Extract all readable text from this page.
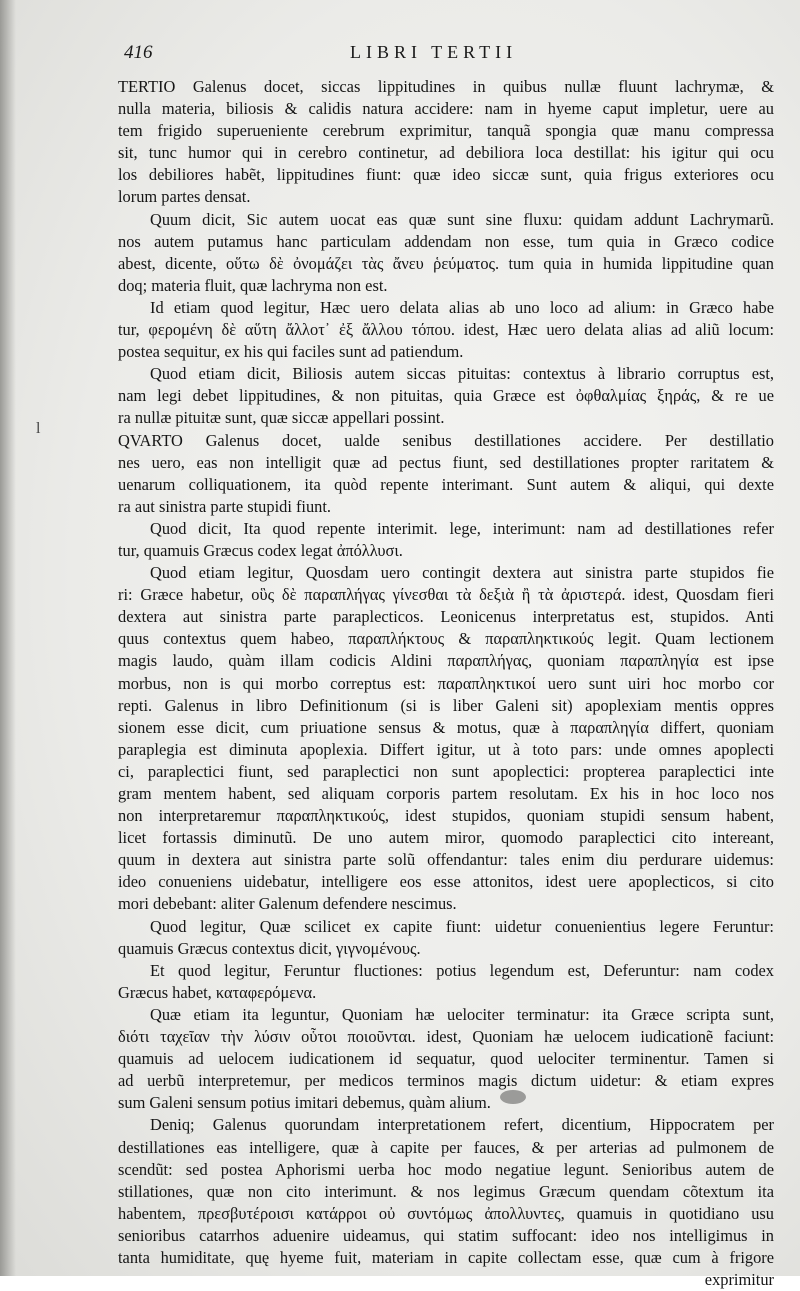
416	LIBRI TERTII
l
TERTIO Galenus docet, siccas lippitudines in quibus nullæ fluunt lachrymæ, &
nulla materia, biliosis & calidis natura accidere: nam in hyeme caput impletur, uere au
tem frigido superueniente cerebrum exprimitur, tanquã spongia quæ manu compressa
sit, tunc humor qui in cerebro continetur, ad debiliora loca destillat: his igitur qui ocu
los debiliores habẽt, lippitudines fiunt: quæ ideo siccæ sunt, quia frigus exteriores ocu
lorum partes densat.
Quum dicit, Sic autem uocat eas quæ sunt sine fluxu: quidam addunt Lachrymarũ.
nos autem putamus hanc particulam addendam non esse, tum quia in Græco codice
abest, dicente, οὕτω δὲ ὀνομάζει τὰς ἄνευ ῥεύματος. tum quia in humida lippitudine quan
doq; materia fluit, quæ lachryma non est.
Id etiam quod legitur, Hæc uero delata alias ab uno loco ad alium: in Græco habe
tur, φερομένη δὲ αὕτη ἄλλοτ᾽ ἐξ ἄλλου τόπου. idest, Hæc uero delata alias ad aliũ locum:
postea sequitur, ex his qui faciles sunt ad patiendum.
Quod etiam dicit, Biliosis autem siccas pituitas: contextus à librario corruptus est,
nam legi debet lippitudines, & non pituitas, quia Græce est ὀφθαλμίας ξηράς, & re ue
ra nullæ pituitæ sunt, quæ siccæ appellari possint.
QVARTO Galenus docet, ualde senibus destillationes accidere. Per destillatio
nes uero, eas non intelligit quæ ad pectus fiunt, sed destillationes propter raritatem &
uenarum colliquationem, ita quòd repente interimant. Sunt autem & aliqui, qui dexte
ra aut sinistra parte stupidi fiunt.
Quod dicit, Ita quod repente interimit. lege, interimunt: nam ad destillationes refer
tur, quamuis Græcus codex legat ἀπόλλυσι.
Quod etiam legitur, Quosdam uero contingit dextera aut sinistra parte stupidos fie
ri: Græce habetur, οὓς δὲ παραπλήγας γίνεσθαι τὰ δεξιὰ ἢ τὰ ἀριστερά. idest, Quosdam fieri
dextera aut sinistra parte paraplecticos. Leonicenus interpretatus est, stupidos. Anti
quus contextus quem habeo, παραπλήκτους & παραπληκτικούς legit. Quam lectionem
magis laudo, quàm illam codicis Aldini παραπλήγας, quoniam παραπληγία est ipse
morbus, non is qui morbo correptus est: παραπληκτικοί uero sunt uiri hoc morbo cor
repti. Galenus in libro Definitionum (si is liber Galeni sit) apoplexiam mentis oppres
sionem esse dicit, cum priuatione sensus & motus, quæ à παραπληγία differt, quoniam
paraplegia est diminuta apoplexia. Differt igitur, ut à toto pars: unde omnes apoplecti
ci, paraplectici fiunt, sed paraplectici non sunt apoplectici: propterea paraplectici inte
gram mentem habent, sed aliquam corporis partem resolutam. Ex his in hoc loco nos
non interpretaremur παραπληκτικούς, idest stupidos, quoniam stupidi sensum habent,
licet fortassis diminutũ. De uno autem miror, quomodo paraplectici cito intereant,
quum in dextera aut sinistra parte solũ offendantur: tales enim diu perdurare uidemus:
ideo conueniens uidebatur, intelligere eos esse attonitos, idest uere apoplecticos, si cito
mori debebant: aliter Galenum defendere nescimus.
Quod legitur, Quæ scilicet ex capite fiunt: uidetur conuenientius legere Feruntur:
quamuis Græcus contextus dicit, γιγνομένους.
Et quod legitur, Feruntur fluctiones: potius legendum est, Deferuntur: nam codex
Græcus habet, καταφερόμενα.
Quæ etiam ita leguntur, Quoniam hæ uelociter terminatur: ita Græce scripta sunt,
διότι ταχεῖαν τὴν λύσιν οὗτοι ποιοῦνται. idest, Quoniam hæ uelocem iudicationẽ faciunt:
quamuis ad uelocem iudicationem id sequatur, quod uelociter terminentur. Tamen si
ad uerbũ interpretemur, per medicos terminos magis dictum uidetur: & etiam expres
sum Galeni sensum potius imitari debemus, quàm alium.
Deniq; Galenus quorundam interpretationem refert, dicentium, Hippocratem per
destillationes eas intelligere, quæ à capite per fauces, & per arterias ad pulmonem de
scendũt: sed postea Aphorismi uerba hoc modo negatiue legunt. Senioribus autem de
stillationes, quæ non cito interimunt. & nos legimus Græcum quendam cõtextum ita
habentem, πρεσβυτέροισι κατάρροι οὐ συντόμως ἀπολλυντες, quamuis in quotidiano usu
senioribus catarrhos aduenire uideamus, qui statim suffocant: ideo nos intelligimus in
tanta humiditate, quę hyeme fuit, materiam in capite collectam esse, quæ cum à frigore
exprimitur
